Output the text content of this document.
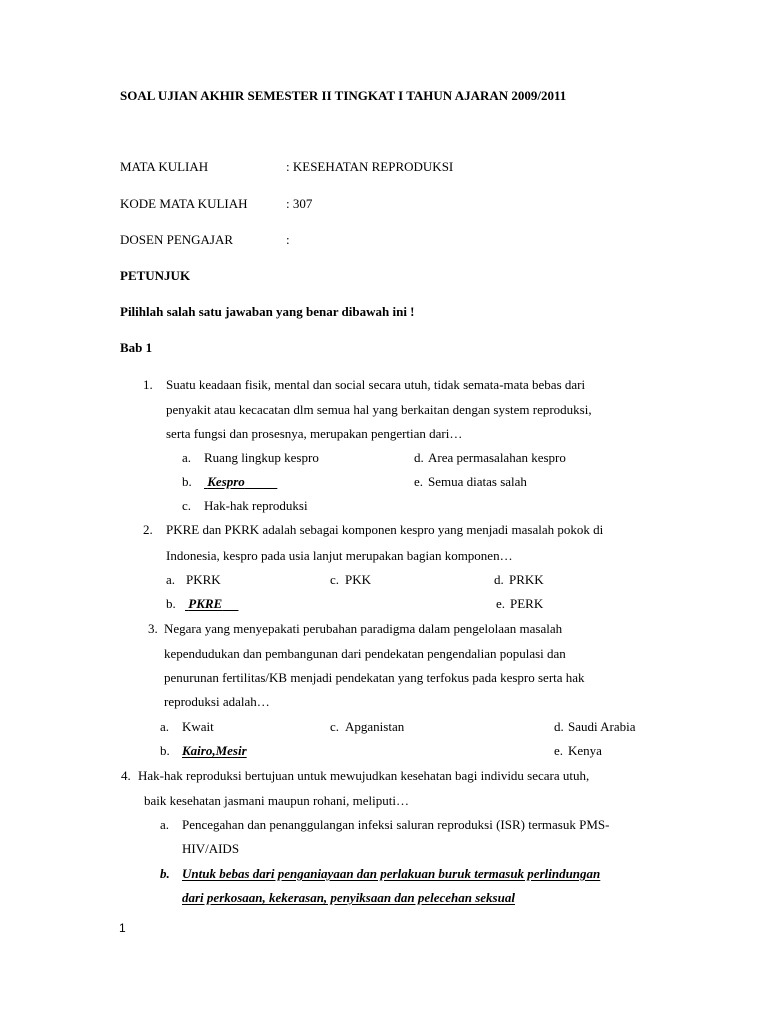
SOAL UJIAN AKHIR SEMESTER II TINGKAT I TAHUN AJARAN 2009/2011
MATA KULIAH	: KESEHATAN REPRODUKSI
KODE MATA KULIAH	: 307
DOSEN PENGAJAR	:
PETUNJUK
Pilihlah salah satu jawaban yang benar dibawah ini !
Bab 1
1. Suatu keadaan fisik, mental dan social secara utuh, tidak semata-mata bebas dari
penyakit atau kecacatan dlm semua hal yang berkaitan dengan system reproduksi,
serta fungsi dan prosesnya, merupakan pengertian dari…
a. Ruang lingkup kespro	d. Area permasalahan kespro
b. Kespro	e. Semua diatas salah
c. Hak-hak reproduksi
2. PKRE dan PKRK adalah sebagai komponen kespro yang menjadi masalah pokok di
Indonesia, kespro pada usia lanjut merupakan bagian komponen…
a. PKRK	c. PKK	d. PRKK
b. PKRE	e. PERK
3. Negara yang menyepakati perubahan paradigma dalam pengelolaan masalah
kependudukan dan pembangunan dari pendekatan pengendalian populasi dan
penurunan fertilitas/KB menjadi pendekatan yang terfokus pada kespro serta hak
reproduksi adalah…
a. Kwait	c. Apganistan	d. Saudi Arabia
b. Kairo,Mesir	e. Kenya
4. Hak-hak reproduksi bertujuan untuk mewujudkan kesehatan bagi individu secara utuh,
baik kesehatan jasmani maupun rohani, meliputi…
a. Pencegahan dan penanggulangan infeksi saluran reproduksi (ISR) termasuk PMS-
HIV/AIDS
b. Untuk bebas dari penganiayaan dan perlakuan buruk termasuk perlindungan
dari perkosaan, kekerasan, penyiksaan dan pelecehan seksual
1
